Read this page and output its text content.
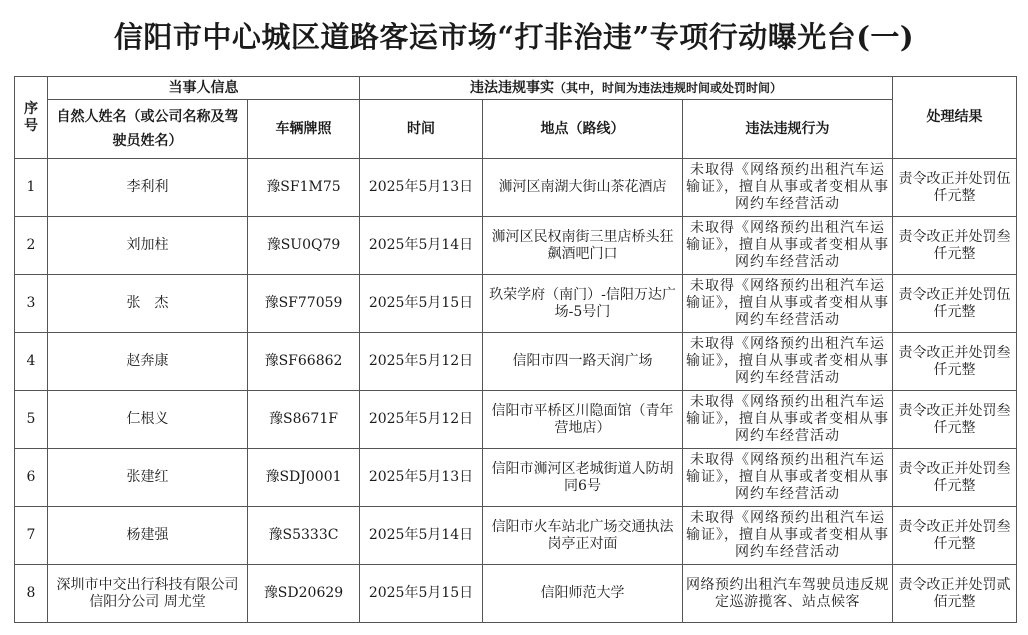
信阳市中心城区道路客运市场“打非治违”专项行动曝光台(一)
序号	当事人信息		违法违规事实（其中，时间为违法违规时间或处罚时间）			处理结果
	自然人姓名（或公司名称及驾驶员姓名）	车辆牌照	时间	地点（路线）	违法违规行为	
1	李利利	豫SF1M75	2025年5月13日	浉河区南湖大街山茶花酒店	未取得《网络预约出租汽车运输证》，擅自从事或者变相从事网约车经营活动	责令改正并处罚伍仟元整
2	刘加柱	豫SU0Q79	2025年5月14日	浉河区民权南街三里店桥头狂飙酒吧门口	未取得《网络预约出租汽车运输证》，擅自从事或者变相从事网约车经营活动	责令改正并处罚叁仟元整
3	张　杰	豫SF77059	2025年5月15日	玖荣学府（南门）-信阳万达广场-5号门	未取得《网络预约出租汽车运输证》，擅自从事或者变相从事网约车经营活动	责令改正并处罚伍仟元整
4	赵奔康	豫SF66862	2025年5月12日	信阳市四一路天润广场	未取得《网络预约出租汽车运输证》，擅自从事或者变相从事网约车经营活动	责令改正并处罚叁仟元整
5	仁根义	豫S8671F	2025年5月12日	信阳市平桥区川隐面馆（青年营地店）	未取得《网络预约出租汽车运输证》，擅自从事或者变相从事网约车经营活动	责令改正并处罚叁仟元整
6	张建红	豫SDJ0001	2025年5月13日	信阳市浉河区老城街道人防胡同6号	未取得《网络预约出租汽车运输证》，擅自从事或者变相从事网约车经营活动	责令改正并处罚叁仟元整
7	杨建强	豫S5333C	2025年5月14日	信阳市火车站北广场交通执法岗亭正对面	未取得《网络预约出租汽车运输证》，擅自从事或者变相从事网约车经营活动	责令改正并处罚叁仟元整
8	深圳市中交出行科技有限公司信阳分公司 周尤堂	豫SD20629	2025年5月15日	信阳师范大学	网络预约出租汽车驾驶员违反规定巡游揽客、站点候客	责令改正并处罚贰佰元整
